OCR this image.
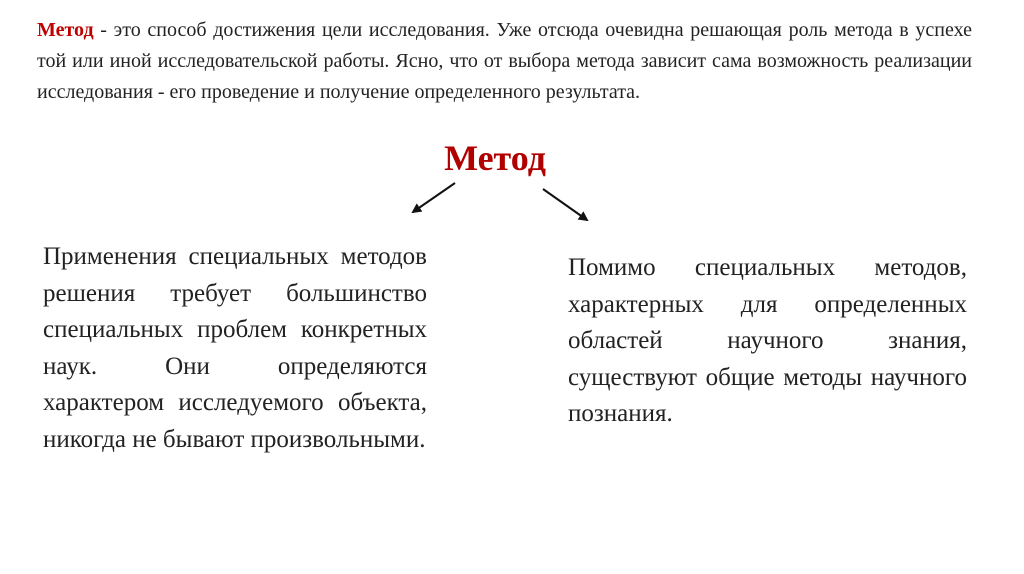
Метод - это способ достижения цели исследования. Уже отсюда очевидна решающая роль метода в успехе той или иной исследовательской работы. Ясно, что от выбора метода зависит сама возможность реализации исследования - его проведение и получение определенного результата.

Метод
Применения специальных методов решения требует большинство специальных проблем конкретных наук. Они определяются характером исследуемого объекта, никогда не бывают произвольными.
Помимо специальных методов, характерных для определенных областей научного знания, существуют общие методы научного познания.
